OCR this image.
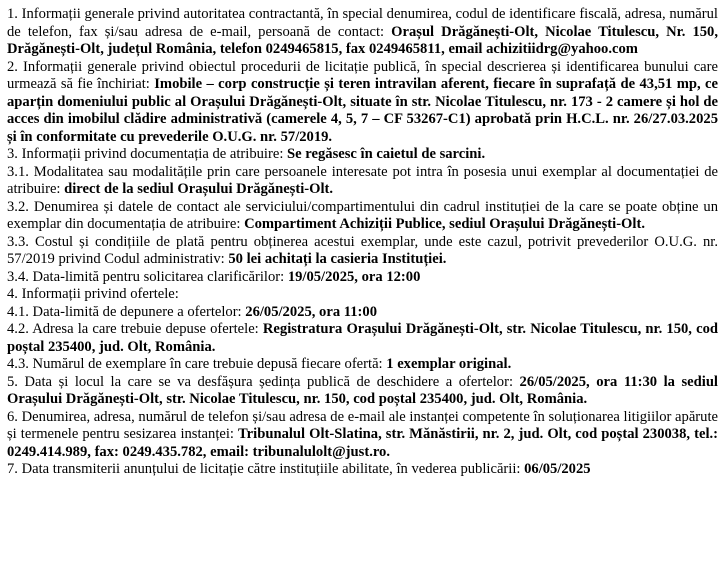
1. Informații generale privind autoritatea contractantă, în special denumirea, codul de identificare fiscală, adresa, numărul de telefon, fax și/sau adresa de e-mail, persoană de contact: Orașul Drăgănești-Olt, Nicolae Titulescu, Nr. 150, Drăgănești-Olt, județul România, telefon 0249465815, fax 0249465811, email achizitiidrg@yahoo.com

2. Informații generale privind obiectul procedurii de licitație publică, în special descrierea și identificarea bunului care urmează să fie închiriat: Imobile – corp construcție și teren intravilan aferent, fiecare în suprafață de 43,51 mp, ce aparțin domeniului public al Orașului Drăgănești-Olt, situate în str. Nicolae Titulescu, nr. 173 - 2 camere și hol de acces din imobilul clădire administrativă (camerele 4, 5, 7 – CF 53267-C1) aprobată prin H.C.L. nr. 26/27.03.2025 și în conformitate cu prevederile O.U.G. nr. 57/2019.

3. Informații privind documentația de atribuire: Se regăsesc în caietul de sarcini.

3.1. Modalitatea sau modalitățile prin care persoanele interesate pot intra în posesia unui exemplar al documentației de atribuire: direct de la sediul Orașului Drăgănești-Olt.

3.2. Denumirea și datele de contact ale serviciului/compartimentului din cadrul instituției de la care se poate obține un exemplar din documentația de atribuire: Compartiment Achiziții Publice, sediul Orașului Drăgănești-Olt.

3.3. Costul și condițiile de plată pentru obținerea acestui exemplar, unde este cazul, potrivit prevederilor O.U.G. nr. 57/2019 privind Codul administrativ: 50 lei achitați la casieria Instituției.

3.4. Data-limită pentru solicitarea clarificărilor: 19/05/2025, ora 12:00

4. Informații privind ofertele:

4.1. Data-limită de depunere a ofertelor: 26/05/2025, ora 11:00

4.2. Adresa la care trebuie depuse ofertele: Registratura Orașului Drăgănești-Olt, str. Nicolae Titulescu, nr. 150, cod poștal 235400, jud. Olt, România.

4.3. Numărul de exemplare în care trebuie depusă fiecare ofertă: 1 exemplar original.

5. Data și locul la care se va desfășura ședința publică de deschidere a ofertelor: 26/05/2025, ora 11:30 la sediul Orașului Drăgănești-Olt, str. Nicolae Titulescu, nr. 150, cod poștal 235400, jud. Olt, România.

6. Denumirea, adresa, numărul de telefon și/sau adresa de e-mail ale instanței competente în soluționarea litigiilor apărute și termenele pentru sesizarea instanței: Tribunalul Olt-Slatina, str. Mănăstirii, nr. 2, jud. Olt, cod poștal 230038, tel.: 0249.414.989, fax: 0249.435.782, email: tribunalulolt@just.ro.

7. Data transmiterii anunțului de licitație către instituțiile abilitate, în vederea publicării: 06/05/2025
